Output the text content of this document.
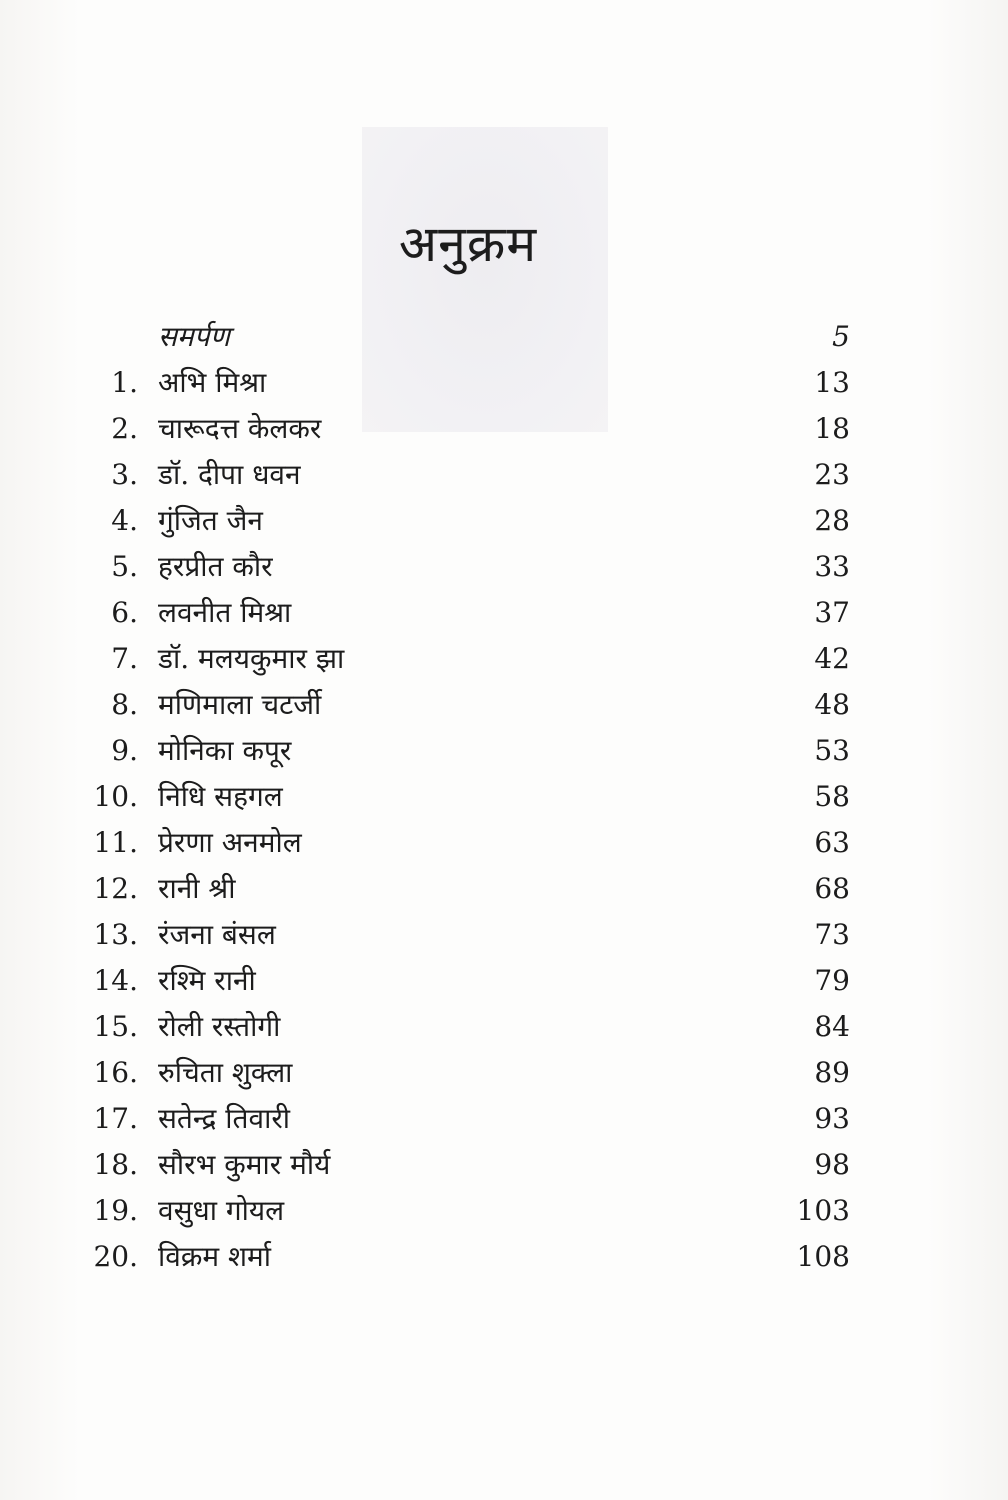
अनुक्रम
समर्पण	5
1. अभि मिश्रा	13
2. चारूदत्त केलकर	18
3. डॉ. दीपा धवन	23
4. गुंजित जैन	28
5. हरप्रीत कौर	33
6. लवनीत मिश्रा	37
7. डॉ. मलयकुमार झा	42
8. मणिमाला चटर्जी	48
9. मोनिका कपूर	53
10. निधि सहगल	58
11. प्रेरणा अनमोल	63
12. रानी श्री	68
13. रंजना बंसल	73
14. रश्मि रानी	79
15. रोली रस्तोगी	84
16. रुचिता शुक्ला	89
17. सतेन्द्र तिवारी	93
18. सौरभ कुमार मौर्य	98
19. वसुधा गोयल	103
20. विक्रम शर्मा	108
